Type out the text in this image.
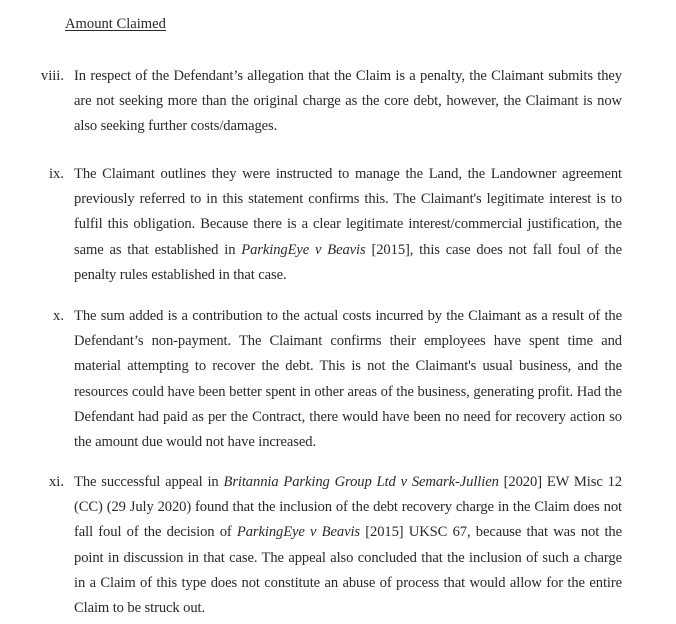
Amount Claimed
viii. In respect of the Defendant’s allegation that the Claim is a penalty, the Claimant submits they are not seeking more than the original charge as the core debt, however, the Claimant is now also seeking further costs/damages.
ix. The Claimant outlines they were instructed to manage the Land, the Landowner agreement previously referred to in this statement confirms this. The Claimant's legitimate interest is to fulfil this obligation. Because there is a clear legitimate interest/commercial justification, the same as that established in ParkingEye v Beavis [2015], this case does not fall foul of the penalty rules established in that case.
x. The sum added is a contribution to the actual costs incurred by the Claimant as a result of the Defendant’s non-payment. The Claimant confirms their employees have spent time and material attempting to recover the debt. This is not the Claimant's usual business, and the resources could have been better spent in other areas of the business, generating profit. Had the Defendant had paid as per the Contract, there would have been no need for recovery action so the amount due would not have increased.
xi. The successful appeal in Britannia Parking Group Ltd v Semark-Jullien [2020] EW Misc 12 (CC) (29 July 2020) found that the inclusion of the debt recovery charge in the Claim does not fall foul of the decision of ParkingEye v Beavis [2015] UKSC 67, because that was not the point in discussion in that case. The appeal also concluded that the inclusion of such a charge in a Claim of this type does not constitute an abuse of process that would allow for the entire Claim to be struck out.
